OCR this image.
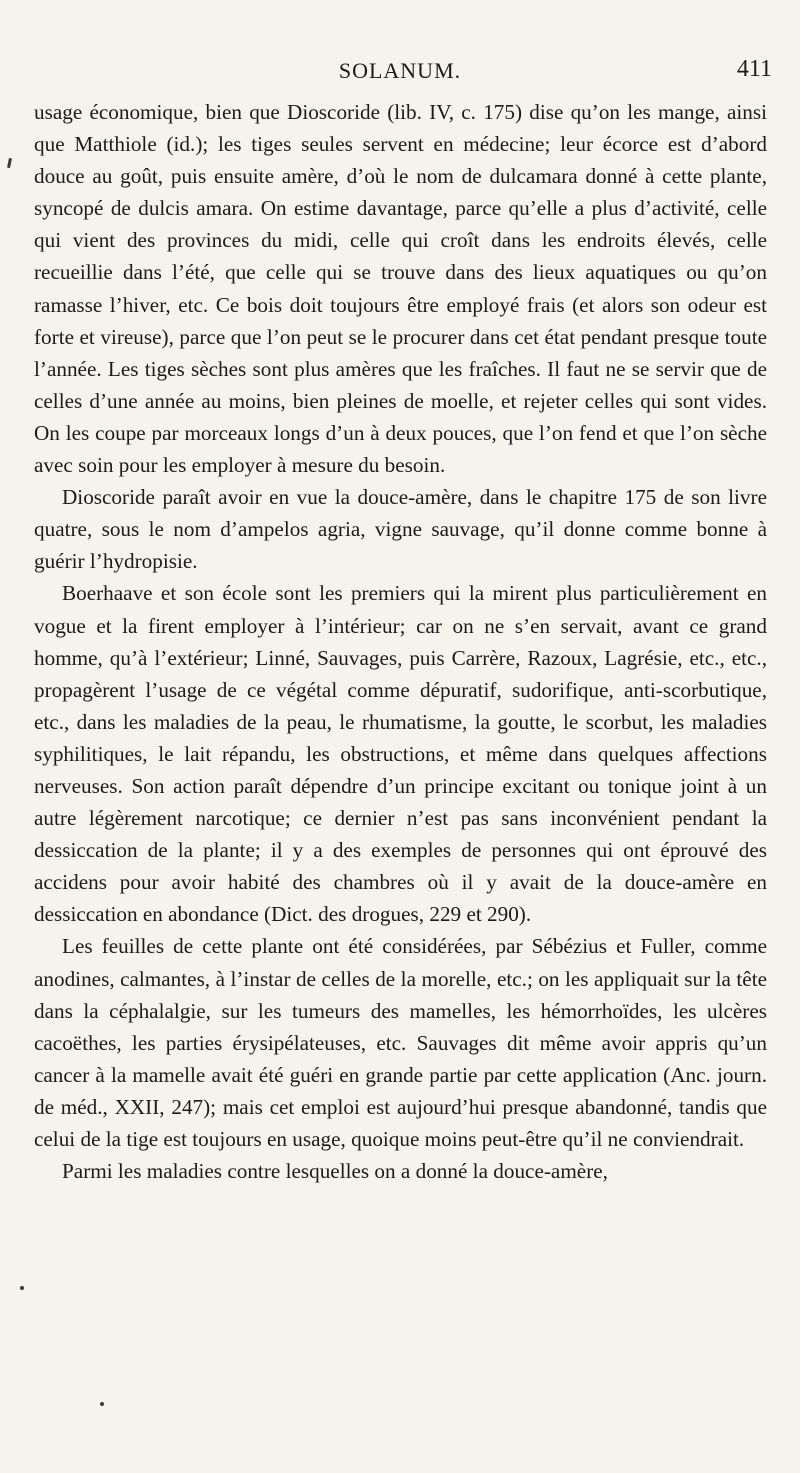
SOLANUM.	411

usage économique, bien que Dioscoride (lib. IV, c. 175) dise qu’on les mange, ainsi que Matthiole (id.); les tiges seules servent en médecine; leur écorce est d’abord douce au goût, puis ensuite amère, d’où le nom de dulcamara donné à cette plante, syncopé de dulcis amara. On estime davantage, parce qu’elle a plus d’activité, celle qui vient des provinces du midi, celle qui croît dans les endroits élevés, celle recueillie dans l’été, que celle qui se trouve dans des lieux aquatiques ou qu’on ramasse l’hiver, etc. Ce bois doit toujours être employé frais (et alors son odeur est forte et vireuse), parce que l’on peut se le procurer dans cet état pendant presque toute l’année. Les tiges sèches sont plus amères que les fraîches. Il faut ne se servir que de celles d’une année au moins, bien pleines de moelle, et rejeter celles qui sont vides. On les coupe par morceaux longs d’un à deux pouces, que l’on fend et que l’on sèche avec soin pour les employer à mesure du besoin.

Dioscoride paraît avoir en vue la douce-amère, dans le chapitre 175 de son livre quatre, sous le nom d’ampelos agria, vigne sauvage, qu’il donne comme bonne à guérir l’hydropisie.

Boerhaave et son école sont les premiers qui la mirent plus particulièrement en vogue et la firent employer à l’intérieur; car on ne s’en servait, avant ce grand homme, qu’à l’extérieur; Linné, Sauvages, puis Carrère, Razoux, Lagrésie, etc., etc., propagèrent l’usage de ce végétal comme dépuratif, sudorifique, anti-scorbutique, etc., dans les maladies de la peau, le rhumatisme, la goutte, le scorbut, les maladies syphilitiques, le lait répandu, les obstructions, et même dans quelques affections nerveuses. Son action paraît dépendre d’un principe excitant ou tonique joint à un autre légèrement narcotique; ce dernier n’est pas sans inconvénient pendant la dessiccation de la plante; il y a des exemples de personnes qui ont éprouvé des accidens pour avoir habité des chambres où il y avait de la douce-amère en dessiccation en abondance (Dict. des drogues, 229 et 290).

Les feuilles de cette plante ont été considérées, par Sébézius et Fuller, comme anodines, calmantes, à l’instar de celles de la morelle, etc.; on les appliquait sur la tête dans la céphalalgie, sur les tumeurs des mamelles, les hémorrhoïdes, les ulcères cacoëthes, les parties érysipélateuses, etc. Sauvages dit même avoir appris qu’un cancer à la mamelle avait été guéri en grande partie par cette application (Anc. journ. de méd., XXII, 247); mais cet emploi est aujourd’hui presque abandonné, tandis que celui de la tige est toujours en usage, quoique moins peut-être qu’il ne conviendrait.

Parmi les maladies contre lesquelles on a donné la douce-amère,
